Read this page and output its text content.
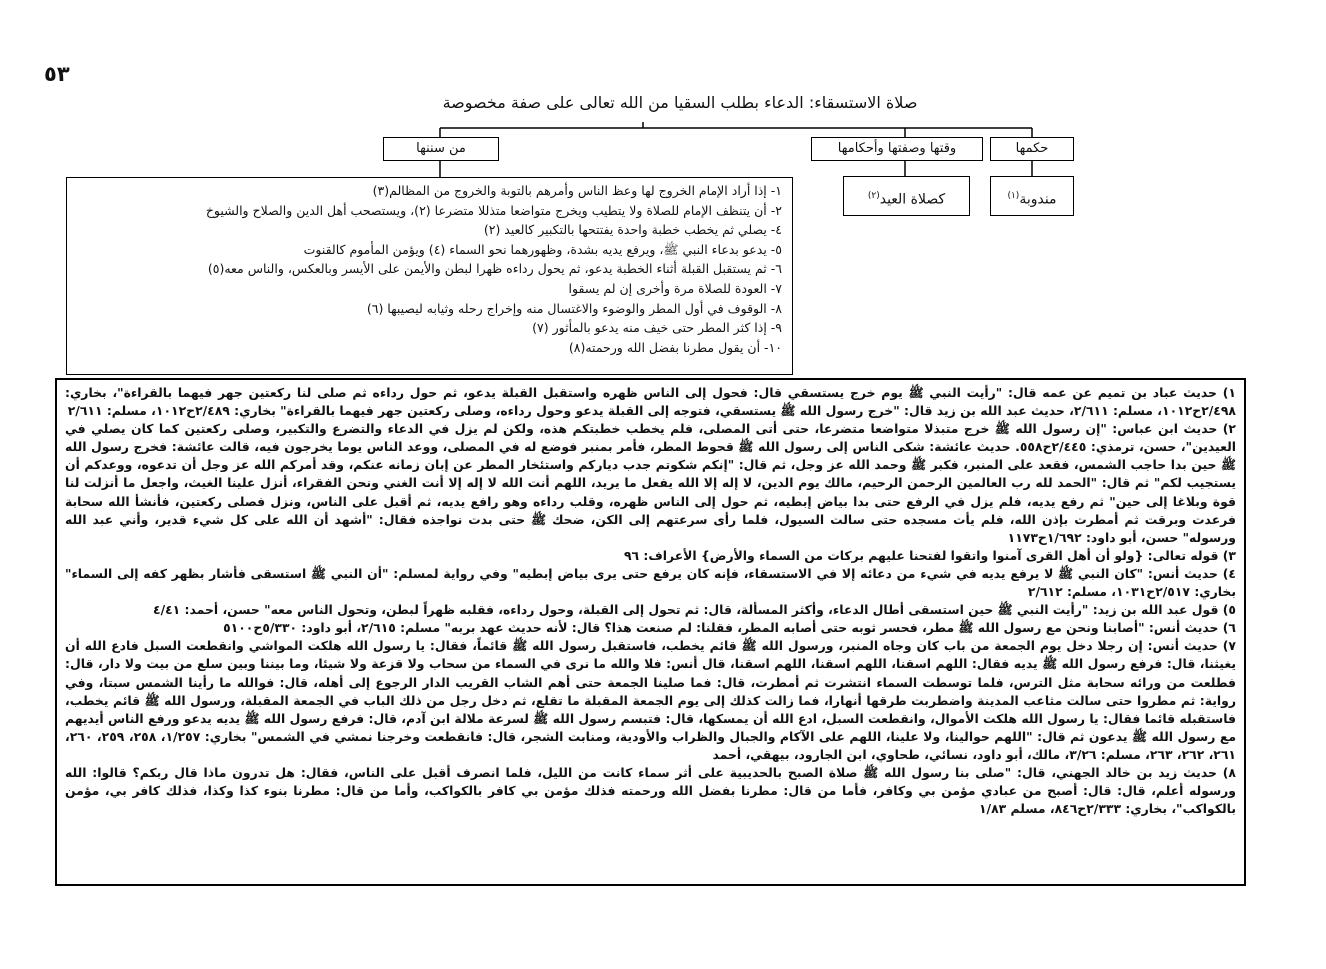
٥٣
صلاة الاستسقاء: الدعاء بطلب السقيا من الله تعالى على صفة مخصوصة
من سننها	وقتها وصفتها وأحكامها	حكمها
كصلاة العيد$^{(٢)}$	مندوبة$^{(١)}$
١- إذا أراد الإمام الخروج لها وعظ الناس وأمرهم بالتوبة والخروج من المظالم(٣)
٢- أن يتنظف الإمام للصلاة ولا يتطيب ويخرج متواضعا متذللا متضرعا (٢)، ويستصحب أهل الدين والصلاح والشيوخ
٤- يصلي ثم يخطب خطبة واحدة يفتتحها بالتكبير كالعيد (٢)
٥- يدعو بدعاء النبي ﷺ، ويرفع يديه بشدة، وظهورهما نحو السماء (٤) ويؤمن المأموم كالقنوت
٦- ثم يستقبل القبلة أثناء الخطبة يدعو، ثم يحول رداءه ظهرا لبطن والأيمن على الأيسر وبالعكس، والناس معه(٥)
٧- العودة للصلاة مرة وأخرى إن لم يسقوا
٨- الوقوف في أول المطر والوضوء والاغتسال منه وإخراج رحله وثيابه ليصيبها (٦)
٩- إذا كثر المطر حتى خيف منه يدعو بالمأثور (٧)
١٠- أن يقول مطرنا بفضل الله ورحمته(٨)

١) حديث عباد بن تميم عن عمه قال: "رأيت النبي ﷺ يوم خرج يستسقي قال: فحول إلى الناس ظهره واستقبل القبلة يدعو، ثم حول رداءه ثم صلى لنا ركعتين جهر فيهما بالقراءة"، بخاري: ٢/٤٩٨ح١٠١٢، مسلم: ٢/٦١١، حديث عبد الله بن زيد قال: "خرج رسول الله ﷺ يستسقي، فتوجه إلى القبلة يدعو وحول رداءه، وصلى ركعتين جهر فيهما بالقراءة" بخاري: ٢/٤٨٩ح١٠١٢، مسلم: ٢/٦١١

٢) حديث ابن عباس: "إن رسول الله ﷺ خرج متبذلا متواضعا متضرعا، حتى أتى المصلى، فلم يخطب خطبتكم هذه، ولكن لم يزل في الدعاء والتضرع والتكبير، وصلى ركعتين كما كان يصلي في العيدين"، حسن، ترمذي: ٢/٤٤٥ح٥٥٨. حديث عائشة: شكى الناس إلى رسول الله ﷺ قحوط المطر، فأمر بمنبر فوضع له في المصلى، ووعد الناس يوما يخرجون فيه، قالت عائشة: فخرج رسول الله ﷺ حين بدا حاجب الشمس، فقعد على المنبر، فكبر ﷺ وحمد الله عز وجل، ثم قال: "إنكم شكوتم جدب دياركم واستئخار المطر عن إبان زمانه عنكم، وقد أمركم الله عز وجل أن تدعوه، ووعدكم أن يستجيب لكم" ثم قال: "الحمد لله رب العالمين الرحمن الرحيم، مالك يوم الدين، لا إله إلا الله يفعل ما يريد، اللهم أنت الله لا إله إلا أنت الغني ونحن الفقراء، أنزل علينا الغيث، واجعل ما أنزلت لنا قوة وبلاغا إلى حين" ثم رفع يديه، فلم يزل في الرفع حتى بدا بياض إبطيه، ثم حول إلى الناس ظهره، وقلب رداءه وهو رافع يديه، ثم أقبل على الناس، ونزل فصلى ركعتين، فأنشأ الله سحابة فرعدت وبرقت ثم أمطرت بإذن الله، فلم يأت مسجده حتى سالت السيول، فلما رأى سرعتهم إلى الكن، ضحك ﷺ حتى بدت نواجذه فقال: "أشهد أن الله على كل شيء قدير، وأني عبد الله ورسوله" حسن، أبو داود: ١/٦٩٢ح١١٧٣

٣) قوله تعالى: {ولو أن أهل القرى آمنوا واتقوا لفتحنا عليهم بركات من السماء والأرض} الأعراف: ٩٦

٤) حديث أنس: "كان النبي ﷺ لا يرفع يديه في شيء من دعائه إلا في الاستسقاء، فإنه كان يرفع حتى يرى بياض إبطيه" وفي رواية لمسلم: "أن النبي ﷺ استسقى فأشار بظهر كفه إلى السماء" بخاري: ٢/٥١٧ح١٠٣١، مسلم: ٢/٦١٢

٥) قول عبد الله بن زيد: "رأيت النبي ﷺ حين استسقى أطال الدعاء، وأكثر المسألة، قال: ثم تحول إلى القبلة، وحول رداءه، فقلبه ظهراً لبطن، وتحول الناس معه" حسن، أحمد: ٤/٤١

٦) حديث أنس: "أصابنا ونحن مع رسول الله ﷺ مطر، فحسر ثوبه حتى أصابه المطر، فقلنا: لم صنعت هذا؟ قال: لأنه حديث عهد بربه" مسلم: ٢/٦١٥، أبو داود: ٥/٣٣٠ح٥١٠٠

٧) حديث أنس: إن رجلا دخل يوم الجمعة من باب كان وجاه المنبر، ورسول الله ﷺ قائم يخطب، فاستقبل رسول الله ﷺ قائماً، فقال: يا رسول الله هلكت المواشي وانقطعت السبل فادع الله أن يغيثنا، قال: فرفع رسول الله ﷺ يديه فقال: اللهم اسقنا، اللهم اسقنا، اللهم اسقنا، قال أنس: فلا والله ما نرى في السماء من سحاب ولا قزعة ولا شيئا، وما بيننا وبين سلع من بيت ولا دار، قال: فطلعت من ورائه سحابة مثل الترس، فلما توسطت السماء انتشرت ثم أمطرت، قال: فما صلينا الجمعة حتى أهم الشاب القريب الدار الرجوع إلى أهله، قال: فوالله ما رأينا الشمس سبتا، وفي رواية: ثم مطروا حتى سالت مثاعب المدينة واضطربت طرقها أنهارا، فما زالت كذلك إلى يوم الجمعة المقبلة ما تقلع، ثم دخل رجل من ذلك الباب في الجمعة المقبلة، ورسول الله ﷺ قائم يخطب، فاستقبله قائما فقال: يا رسول الله هلكت الأموال، وانقطعت السبل، ادع الله أن يمسكها، قال: فتبسم رسول الله ﷺ لسرعة ملالة ابن آدم، قال: فرفع رسول الله ﷺ يديه يدعو ورفع الناس أيديهم مع رسول الله ﷺ يدعون ثم قال: "اللهم حوالينا، ولا علينا، اللهم على الآكام والجبال والظراب والأودية، ومنابت الشجر، قال: فانقطعت وخرجنا نمشي في الشمس" بخاري: ١/٢٥٧، ٢٥٨، ٢٥٩، ٢٦٠، ٢٦١، ٢٦٢، ٢٦٣، مسلم: ٣/٢٦، مالك، أبو داود، نسائي، طحاوي، ابن الجارود، بيهقي، أحمد

٨) حديث زيد بن خالد الجهني، قال: "صلى بنا رسول الله ﷺ صلاة الصبح بالحديبية على أثر سماء كانت من الليل، فلما انصرف أقبل على الناس، فقال: هل تدرون ماذا قال ربكم؟ قالوا: الله ورسوله أعلم، قال: قال: أصبح من عبادي مؤمن بي وكافر، فأما من قال: مطرنا بفضل الله ورحمته فذلك مؤمن بي كافر بالكواكب، وأما من قال: مطرنا بنوء كذا وكذا، فذلك كافر بي، مؤمن بالكواكب"، بخاري: ٢/٣٣٣ح٨٤٦، مسلم ١/٨٣
